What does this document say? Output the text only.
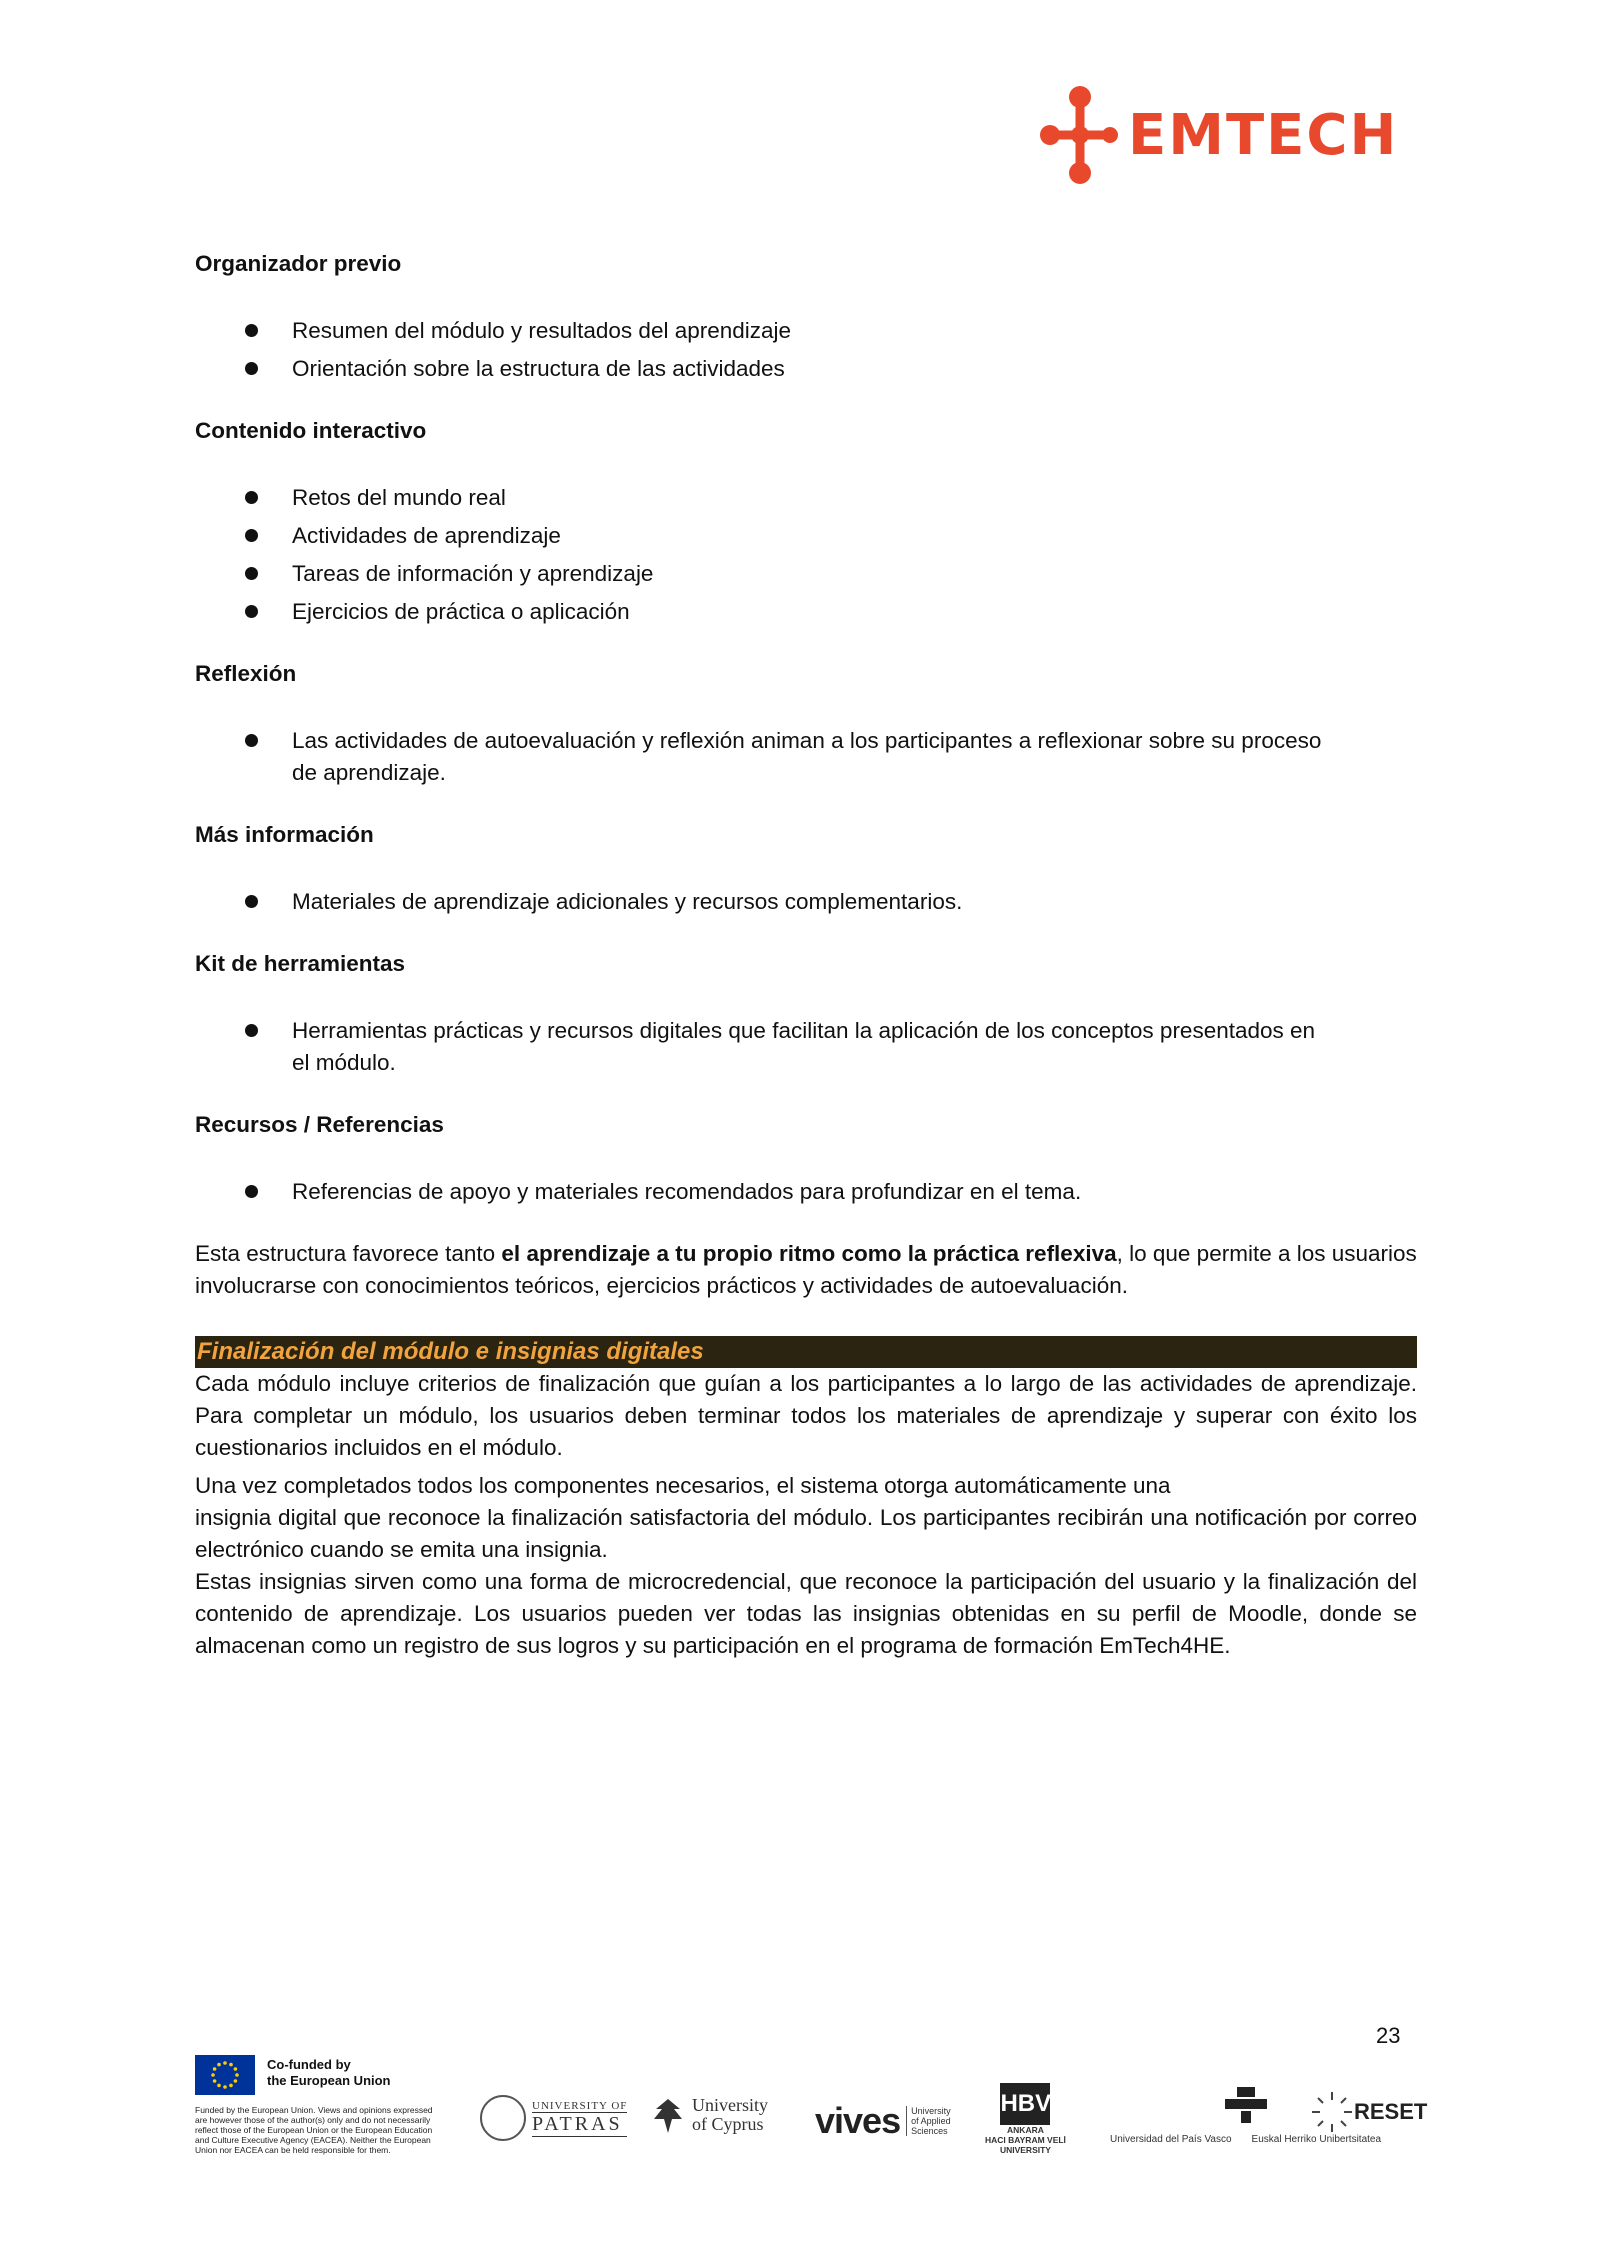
EMTECH
Organizador previo
Resumen del módulo y resultados del aprendizaje
Orientación sobre la estructura de las actividades
Contenido interactivo
Retos del mundo real
Actividades de aprendizaje
Tareas de información y aprendizaje
Ejercicios de práctica o aplicación
Reflexión
Las actividades de autoevaluación y reflexión animan a los participantes a reflexionar sobre su proceso de aprendizaje.
Más información
Materiales de aprendizaje adicionales y recursos complementarios.
Kit de herramientas
Herramientas prácticas y recursos digitales que facilitan la aplicación de los conceptos presentados en el módulo.
Recursos / Referencias
Referencias de apoyo y materiales recomendados para profundizar en el tema.

Esta estructura favorece tanto el aprendizaje a tu propio ritmo como la práctica reflexiva, lo que permite a los usuarios involucrarse con conocimientos teóricos, ejercicios prácticos y actividades de autoevaluación.

Finalización del módulo e insignias digitales

Cada módulo incluye criterios de finalización que guían a los participantes a lo largo de las actividades de aprendizaje. Para completar un módulo, los usuarios deben terminar todos los materiales de aprendizaje y superar con éxito los cuestionarios incluidos en el módulo.

Una vez completados todos los componentes necesarios, el sistema otorga automáticamente una

insignia digital que reconoce la finalización satisfactoria del módulo. Los participantes recibirán una notificación por correo electrónico cuando se emita una insignia.

Estas insignias sirven como una forma de microcredencial, que reconoce la participación del usuario y la finalización del contenido de aprendizaje. Los usuarios pueden ver todas las insignias obtenidas en su perfil de Moodle, donde se almacenan como un registro de sus logros y su participación en el programa de formación EmTech4HE.

23
Co-funded by
the European Union
Funded by the European Union. Views and opinions expressed are however those of the author(s) only and do not necessarily reflect those of the European Union or the European Education and Culture Executive Agency (EACEA). Neither the European Union nor EACEA can be held responsible for them.
UNIVERSITY OF
PATRAS
University
of Cyprus vives University
of Applied
Sciences
HBV
ANKARA
HACI BAYRAM VELİ
UNIVERSITY
Universidad del País Vasco Euskal Herriko Unibertsitatea
RESET
